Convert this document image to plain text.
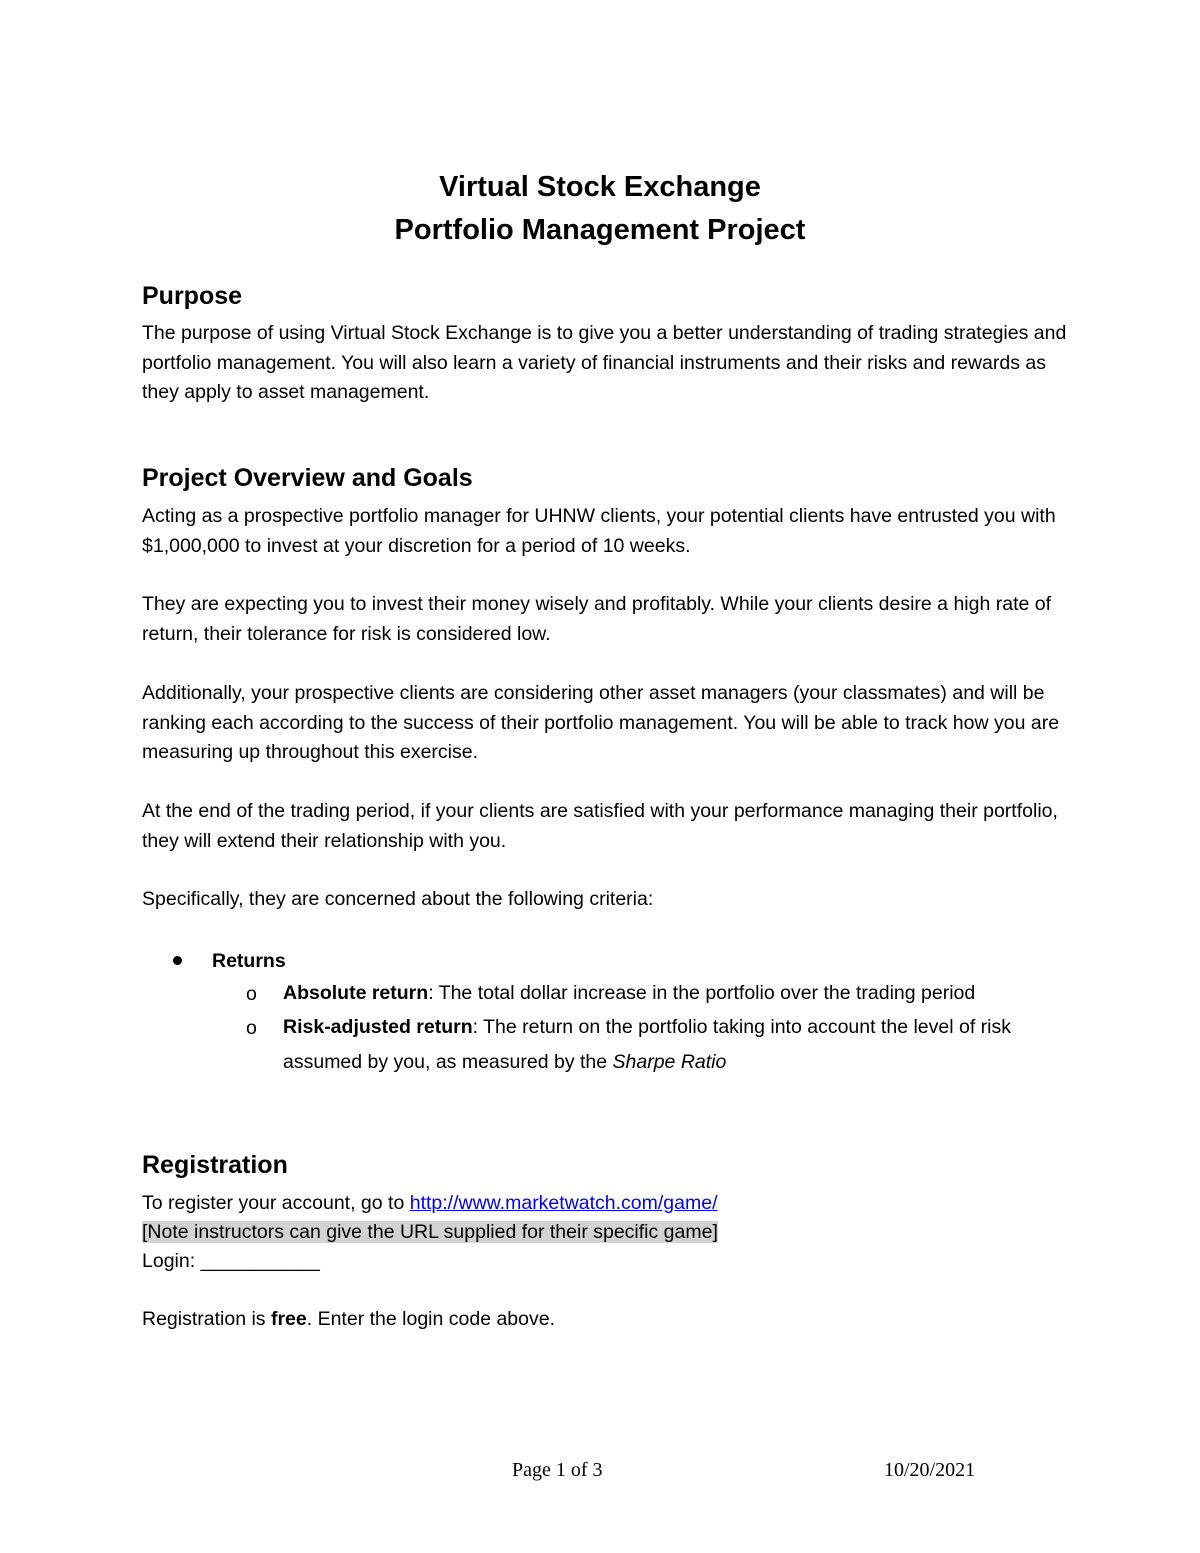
Virtual Stock Exchange
Portfolio Management Project
Purpose
The purpose of using Virtual Stock Exchange is to give you a better understanding of trading strategies and portfolio management. You will also learn a variety of financial instruments and their risks and rewards as they apply to asset management.
Project Overview and Goals
Acting as a prospective portfolio manager for UHNW clients, your potential clients have entrusted you with $1,000,000 to invest at your discretion for a period of 10 weeks.
They are expecting you to invest their money wisely and profitably. While your clients desire a high rate of return, their tolerance for risk is considered low.
Additionally, your prospective clients are considering other asset managers (your classmates) and will be ranking each according to the success of their portfolio management. You will be able to track how you are measuring up throughout this exercise.
At the end of the trading period, if your clients are satisfied with your performance managing their portfolio, they will extend their relationship with you.
Specifically, they are concerned about the following criteria:
Returns
o Absolute return: The total dollar increase in the portfolio over the trading period
o Risk-adjusted return: The return on the portfolio taking into account the level of risk assumed by you, as measured by the Sharpe Ratio
Registration
To register your account, go to http://www.marketwatch.com/game/
[Note instructors can give the URL supplied for their specific game]
Login: ___________
Registration is free. Enter the login code above.
Page 1 of 3	10/20/2021
